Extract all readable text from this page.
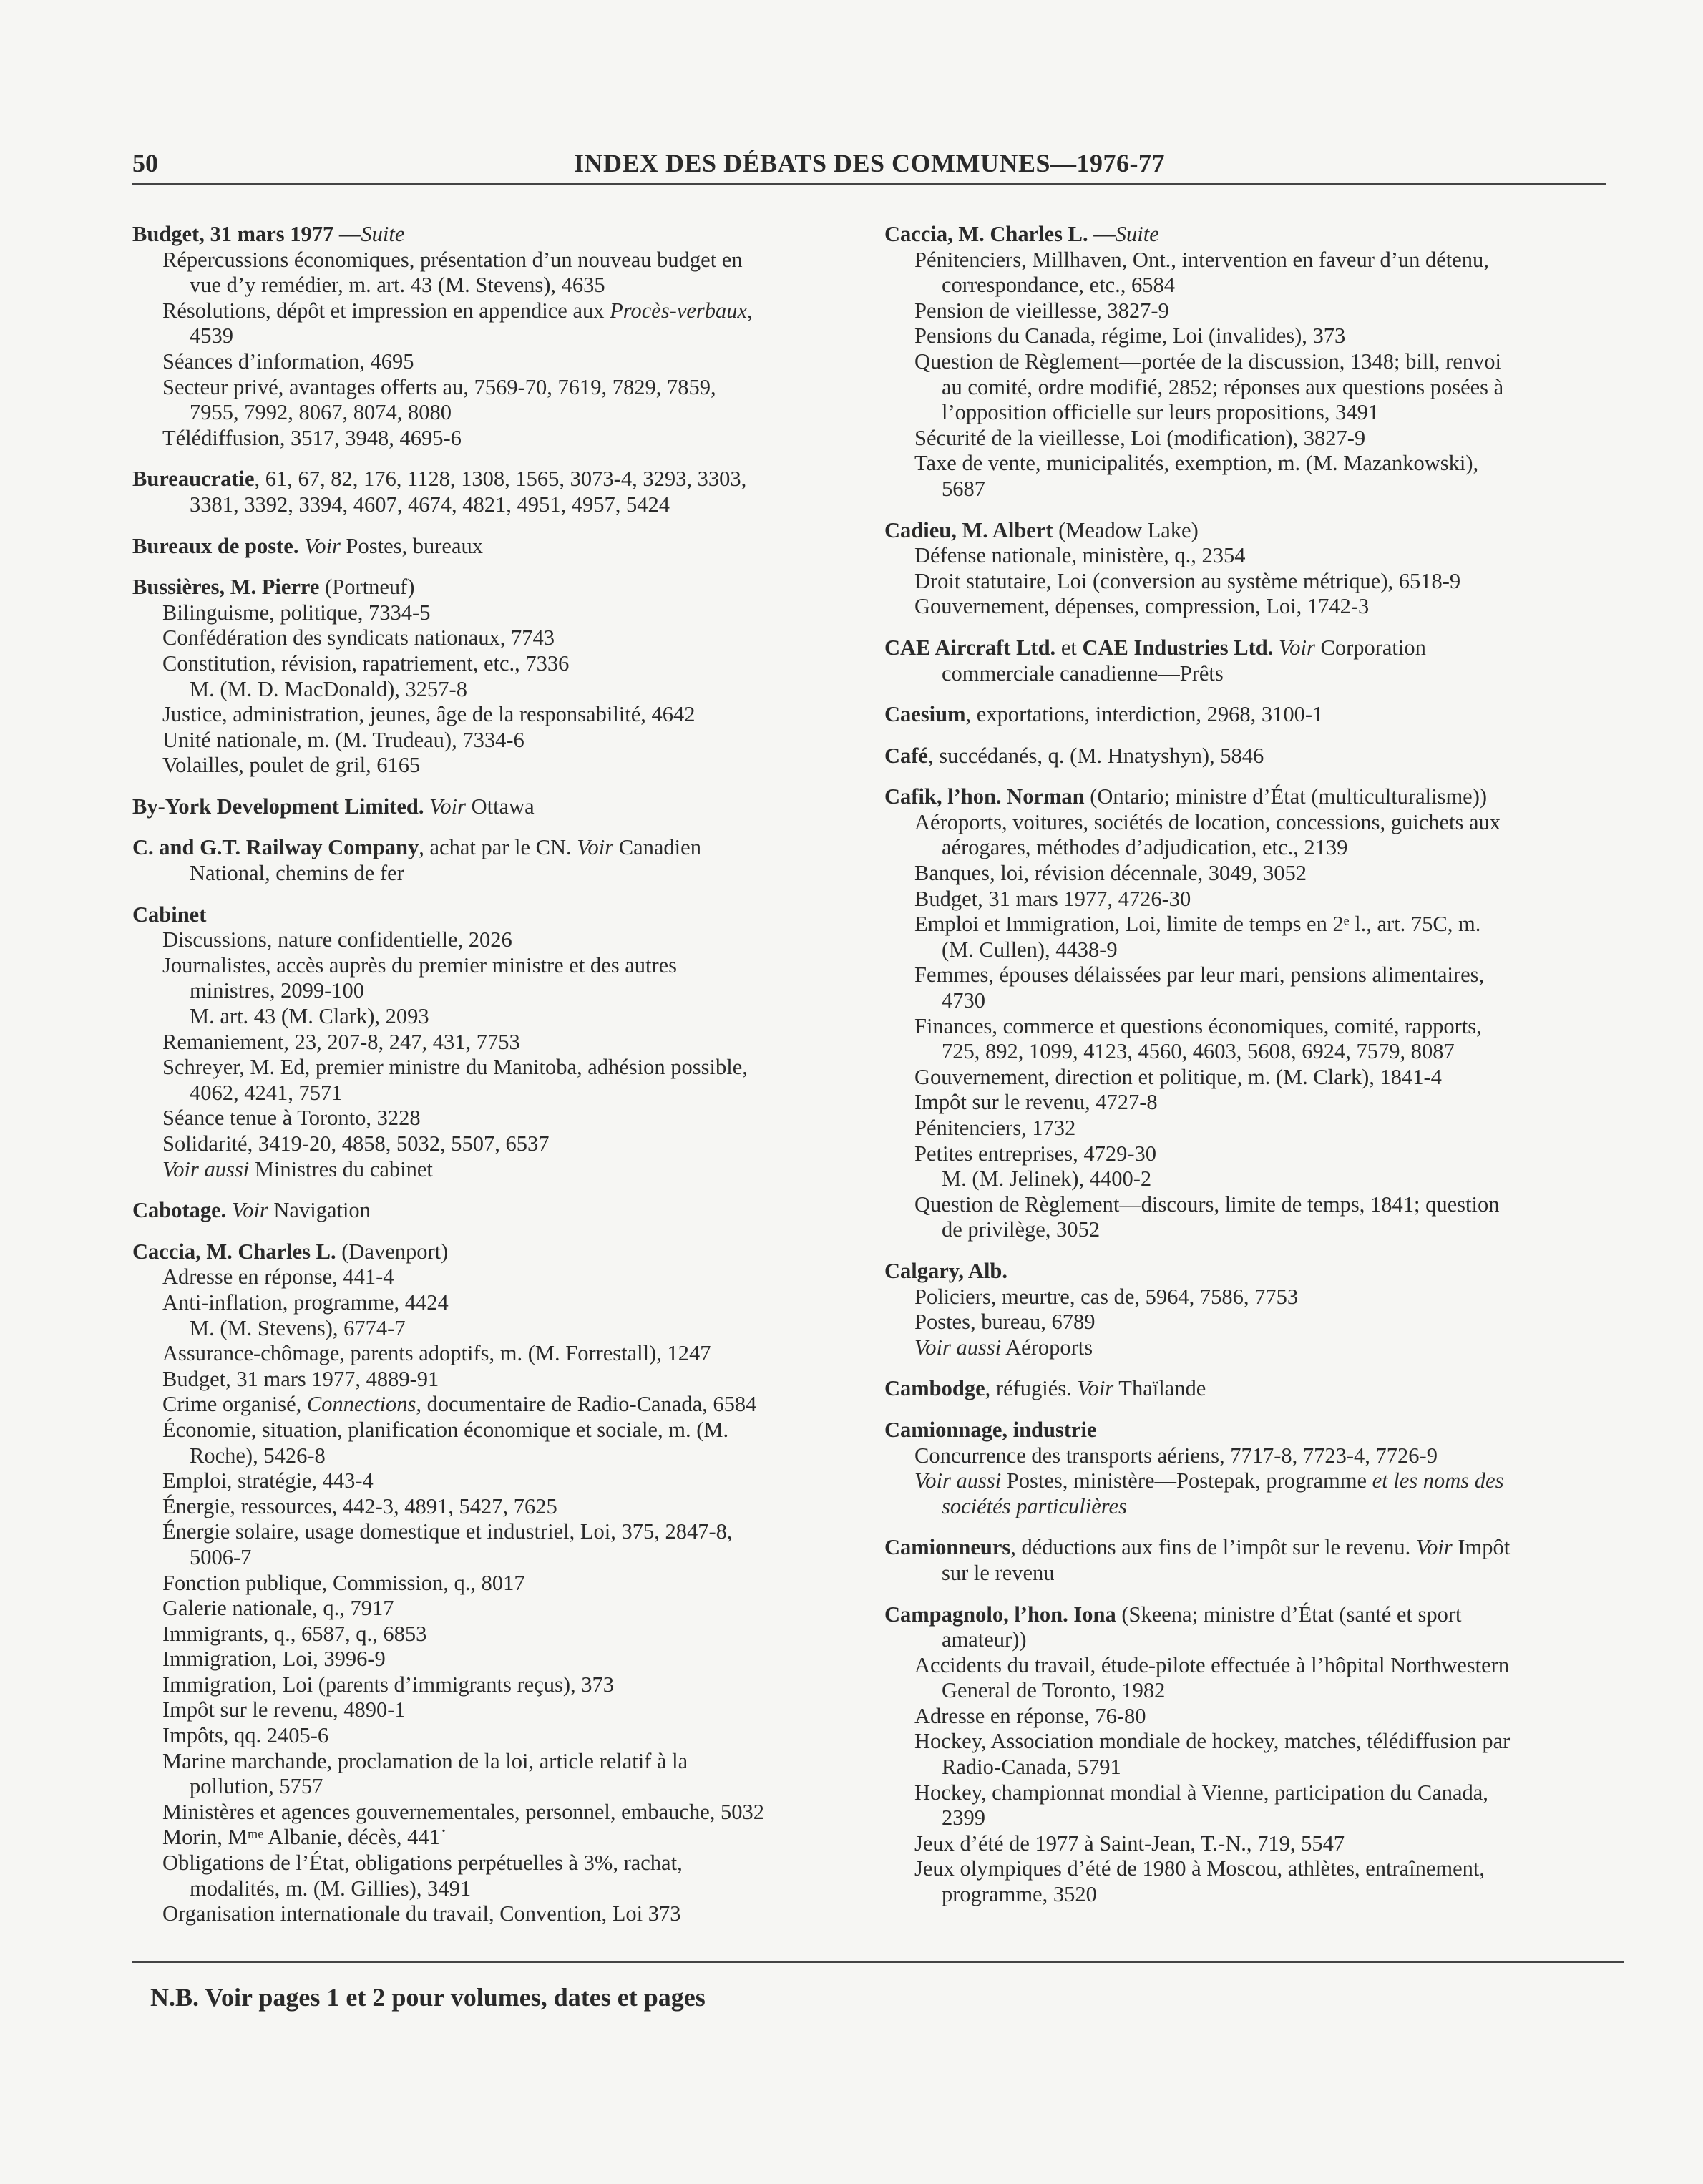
50	INDEX DES DÉBATS DES COMMUNES—1976-77
Budget, 31 mars 1977 —Suite
Répercussions économiques, présentation d’un nouveau budget en
vue d’y remédier, m. art. 43 (M. Stevens), 4635
Résolutions, dépôt et impression en appendice aux Procès-verbaux,
4539
Séances d’information, 4695
Secteur privé, avantages offerts au, 7569-70, 7619, 7829, 7859,
7955, 7992, 8067, 8074, 8080
Télédiffusion, 3517, 3948, 4695-6
Bureaucratie, 61, 67, 82, 176, 1128, 1308, 1565, 3073-4, 3293, 3303,
3381, 3392, 3394, 4607, 4674, 4821, 4951, 4957, 5424
Bureaux de poste. Voir Postes, bureaux
Bussières, M. Pierre (Portneuf)
Bilinguisme, politique, 7334-5
Confédération des syndicats nationaux, 7743
Constitution, révision, rapatriement, etc., 7336
M. (M. D. MacDonald), 3257-8
Justice, administration, jeunes, âge de la responsabilité, 4642
Unité nationale, m. (M. Trudeau), 7334-6
Volailles, poulet de gril, 6165
By-York Development Limited. Voir Ottawa
C. and G.T. Railway Company, achat par le CN. Voir Canadien
National, chemins de fer
Cabinet
Discussions, nature confidentielle, 2026
Journalistes, accès auprès du premier ministre et des autres
ministres, 2099-100
M. art. 43 (M. Clark), 2093
Remaniement, 23, 207-8, 247, 431, 7753
Schreyer, M. Ed, premier ministre du Manitoba, adhésion possible,
4062, 4241, 7571
Séance tenue à Toronto, 3228
Solidarité, 3419-20, 4858, 5032, 5507, 6537
Voir aussi Ministres du cabinet
Cabotage. Voir Navigation
Caccia, M. Charles L. (Davenport)
Adresse en réponse, 441-4
Anti-inflation, programme, 4424
M. (M. Stevens), 6774-7
Assurance-chômage, parents adoptifs, m. (M. Forrestall), 1247
Budget, 31 mars 1977, 4889-91
Crime organisé, Connections, documentaire de Radio-Canada, 6584
Économie, situation, planification économique et sociale, m. (M.
Roche), 5426-8
Emploi, stratégie, 443-4
Énergie, ressources, 442-3, 4891, 5427, 7625
Énergie solaire, usage domestique et industriel, Loi, 375, 2847-8,
5006-7
Fonction publique, Commission, q., 8017
Galerie nationale, q., 7917
Immigrants, q., 6587, q., 6853
Immigration, Loi, 3996-9
Immigration, Loi (parents d’immigrants reçus), 373
Impôt sur le revenu, 4890-1
Impôts, qq. 2405-6
Marine marchande, proclamation de la loi, article relatif à la
pollution, 5757
Ministères et agences gouvernementales, personnel, embauche, 5032
Morin, Mᵐᵉ Albanie, décès, 441˙
Obligations de l’État, obligations perpétuelles à 3%, rachat,
modalités, m. (M. Gillies), 3491
Organisation internationale du travail, Convention, Loi 373
Caccia, M. Charles L. —Suite
Pénitenciers, Millhaven, Ont., intervention en faveur d’un détenu,
correspondance, etc., 6584
Pension de vieillesse, 3827-9
Pensions du Canada, régime, Loi (invalides), 373
Question de Règlement—portée de la discussion, 1348; bill, renvoi
au comité, ordre modifié, 2852; réponses aux questions posées à
l’opposition officielle sur leurs propositions, 3491
Sécurité de la vieillesse, Loi (modification), 3827-9
Taxe de vente, municipalités, exemption, m. (M. Mazankowski),
5687
Cadieu, M. Albert (Meadow Lake)
Défense nationale, ministère, q., 2354
Droit statutaire, Loi (conversion au système métrique), 6518-9
Gouvernement, dépenses, compression, Loi, 1742-3
CAE Aircraft Ltd. et CAE Industries Ltd. Voir Corporation
commerciale canadienne—Prêts
Caesium, exportations, interdiction, 2968, 3100-1
Café, succédanés, q. (M. Hnatyshyn), 5846
Cafik, l’hon. Norman (Ontario; ministre d’État (multiculturalisme))
Aéroports, voitures, sociétés de location, concessions, guichets aux
aérogares, méthodes d’adjudication, etc., 2139
Banques, loi, révision décennale, 3049, 3052
Budget, 31 mars 1977, 4726-30
Emploi et Immigration, Loi, limite de temps en 2ᵉ l., art. 75C, m.
(M. Cullen), 4438-9
Femmes, épouses délaissées par leur mari, pensions alimentaires,
4730
Finances, commerce et questions économiques, comité, rapports,
725, 892, 1099, 4123, 4560, 4603, 5608, 6924, 7579, 8087
Gouvernement, direction et politique, m. (M. Clark), 1841-4
Impôt sur le revenu, 4727-8
Pénitenciers, 1732
Petites entreprises, 4729-30
M. (M. Jelinek), 4400-2
Question de Règlement—discours, limite de temps, 1841; question
de privilège, 3052
Calgary, Alb.
Policiers, meurtre, cas de, 5964, 7586, 7753
Postes, bureau, 6789
Voir aussi Aéroports
Cambodge, réfugiés. Voir Thaïlande
Camionnage, industrie
Concurrence des transports aériens, 7717-8, 7723-4, 7726-9
Voir aussi Postes, ministère—Postepak, programme et les noms des
sociétés particulières
Camionneurs, déductions aux fins de l’impôt sur le revenu. Voir Impôt
sur le revenu
Campagnolo, l’hon. Iona (Skeena; ministre d’État (santé et sport
amateur))
Accidents du travail, étude-pilote effectuée à l’hôpital Northwestern
General de Toronto, 1982
Adresse en réponse, 76-80
Hockey, Association mondiale de hockey, matches, télédiffusion par
Radio-Canada, 5791
Hockey, championnat mondial à Vienne, participation du Canada,
2399
Jeux d’été de 1977 à Saint-Jean, T.-N., 719, 5547
Jeux olympiques d’été de 1980 à Moscou, athlètes, entraînement,
programme, 3520
N.B. Voir pages 1 et 2 pour volumes, dates et pages
